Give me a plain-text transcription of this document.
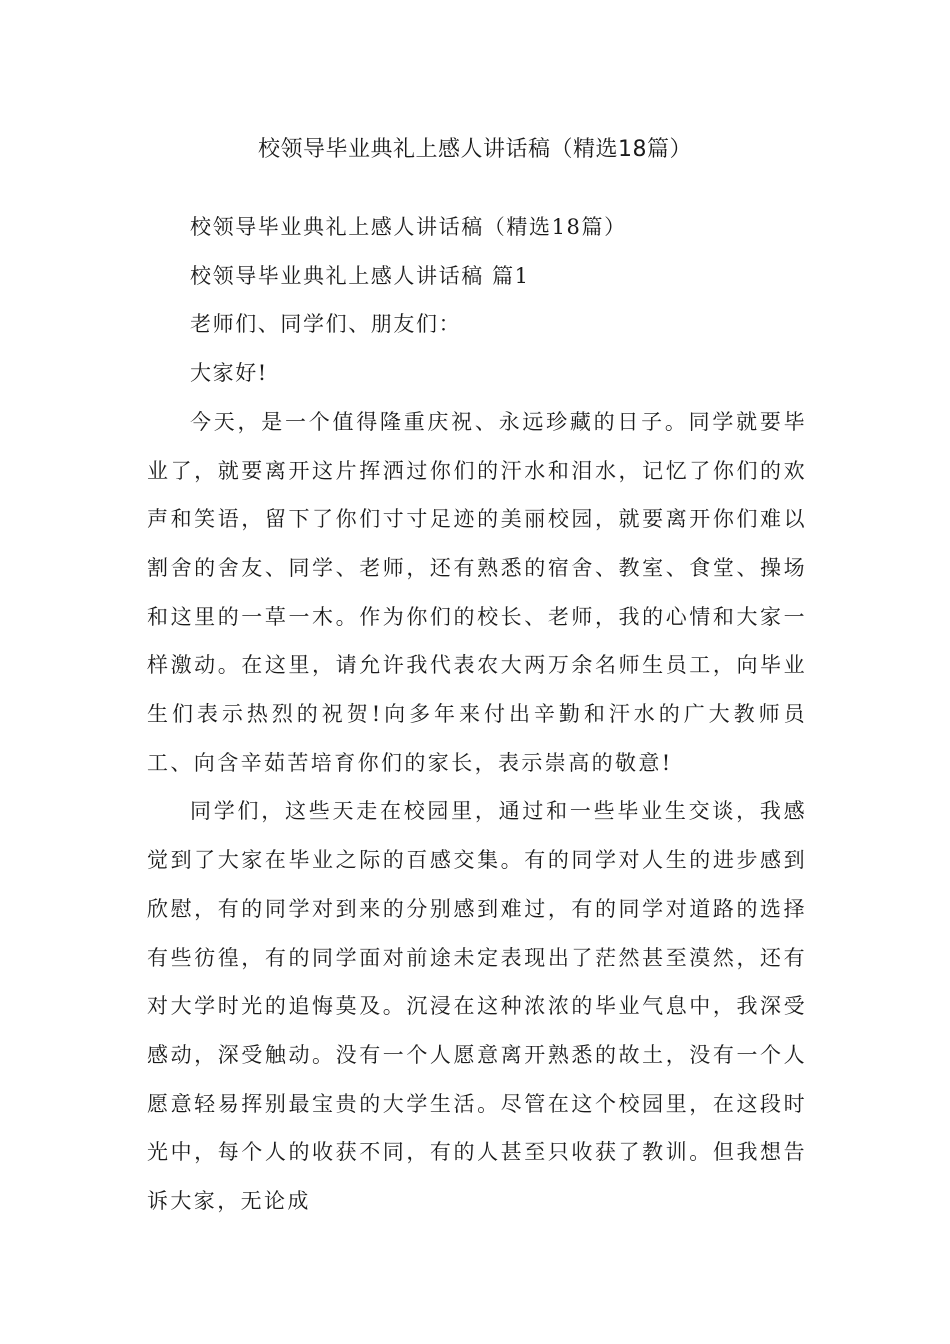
校领导毕业典礼上感人讲话稿（精选18篇）

校领导毕业典礼上感人讲话稿（精选18篇）

校领导毕业典礼上感人讲话稿 篇1

老师们、同学们、朋友们：

大家好!

今天，是一个值得隆重庆祝、永远珍藏的日子。同学就要毕业了，就要离开这片挥洒过你们的汗水和泪水，记忆了你们的欢声和笑语，留下了你们寸寸足迹的美丽校园，就要离开你们难以割舍的舍友、同学、老师，还有熟悉的宿舍、教室、食堂、操场和这里的一草一木。作为你们的校长、老师，我的心情和大家一样激动。在这里，请允许我代表农大两万余名师生员工，向毕业生们表示热烈的祝贺!向多年来付出辛勤和汗水的广大教师员工、向含辛茹苦培育你们的家长，表示崇高的敬意!

同学们，这些天走在校园里，通过和一些毕业生交谈，我感觉到了大家在毕业之际的百感交集。有的同学对人生的进步感到欣慰，有的同学对到来的分别感到难过，有的同学对道路的选择有些彷徨，有的同学面对前途未定表现出了茫然甚至漠然，还有对大学时光的追悔莫及。沉浸在这种浓浓的毕业气息中，我深受感动，深受触动。没有一个人愿意离开熟悉的故土，没有一个人愿意轻易挥别最宝贵的大学生活。尽管在这个校园里，在这段时光中，每个人的收获不同，有的人甚至只收获了教训。但我想告诉大家，无论成
